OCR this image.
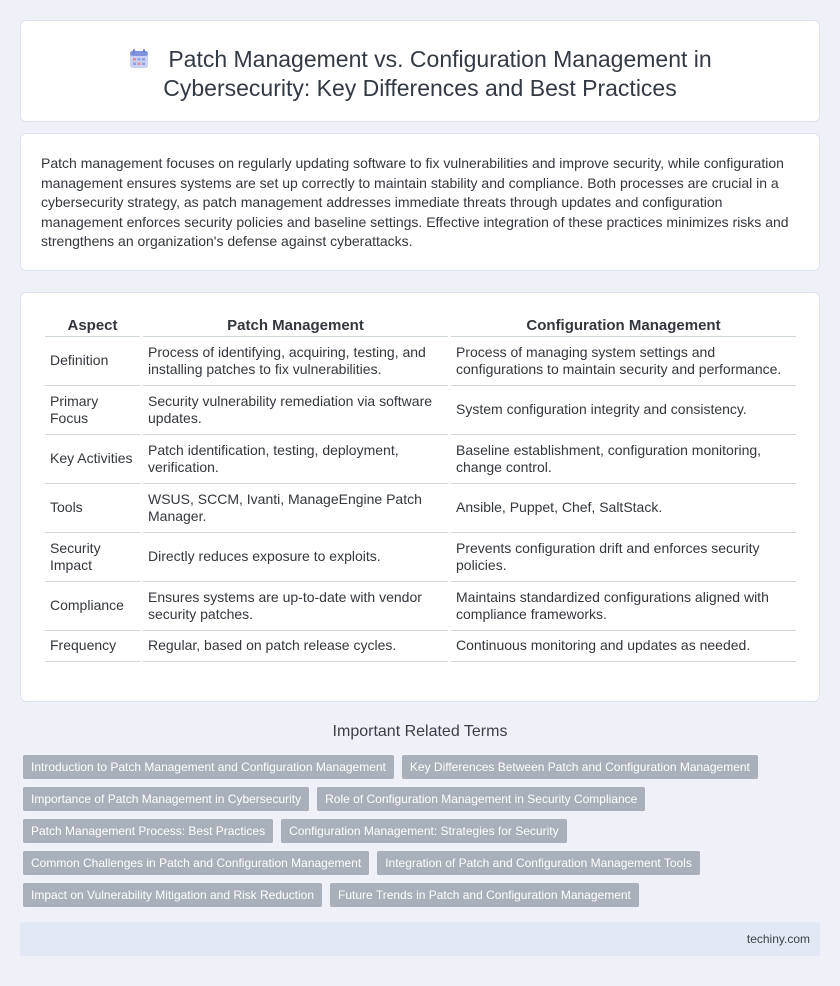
Patch Management vs. Configuration Management in Cybersecurity: Key Differences and Best Practices

Patch management focuses on regularly updating software to fix vulnerabilities and improve security, while configuration management ensures systems are set up correctly to maintain stability and compliance. Both processes are crucial in a cybersecurity strategy, as patch management addresses immediate threats through updates and configuration management enforces security policies and baseline settings. Effective integration of these practices minimizes risks and strengthens an organization's defense against cyberattacks.

Aspect	Patch Management	Configuration Management
Definition	Process of identifying, acquiring, testing, and installing patches to fix vulnerabilities.	Process of managing system settings and configurations to maintain security and performance.
Primary Focus	Security vulnerability remediation via software updates.	System configuration integrity and consistency.
Key Activities	Patch identification, testing, deployment, verification.	Baseline establishment, configuration monitoring, change control.
Tools	WSUS, SCCM, Ivanti, ManageEngine Patch Manager.	Ansible, Puppet, Chef, SaltStack.
Security Impact	Directly reduces exposure to exploits.	Prevents configuration drift and enforces security policies.
Compliance	Ensures systems are up-to-date with vendor security patches.	Maintains standardized configurations aligned with compliance frameworks.
Frequency	Regular, based on patch release cycles.	Continuous monitoring and updates as needed.
Important Related Terms
Introduction to Patch Management and Configuration Management	Key Differences Between Patch and Configuration Management
Importance of Patch Management in Cybersecurity	Role of Configuration Management in Security Compliance
Patch Management Process: Best Practices	Configuration Management: Strategies for Security
Common Challenges in Patch and Configuration Management	Integration of Patch and Configuration Management Tools
Impact on Vulnerability Mitigation and Risk Reduction	Future Trends in Patch and Configuration Management
techiny.com
